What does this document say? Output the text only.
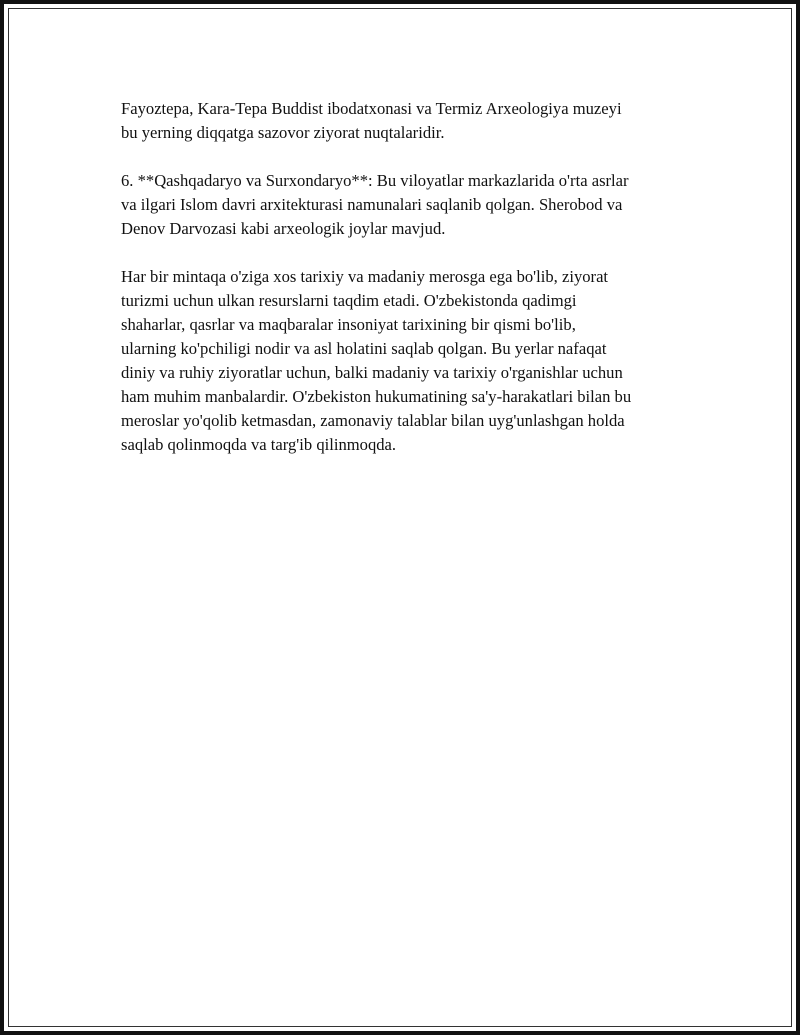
Fayoztepa, Kara-Tepa Buddist ibodatxonasi va Termiz Arxeologiya muzeyi
bu yerning diqqatga sazovor ziyorat nuqtalaridir.

6. **Qashqadaryo va Surxondaryo**: Bu viloyatlar markazlarida o'rta asrlar
va ilgari Islom davri arxitekturasi namunalari saqlanib qolgan. Sherobod va
Denov Darvozasi kabi arxeologik joylar mavjud.

Har bir mintaqa o'ziga xos tarixiy va madaniy merosga ega bo'lib, ziyorat
turizmi uchun ulkan resurslarni taqdim etadi. O'zbekistonda qadimgi
shaharlar, qasrlar va maqbaralar insoniyat tarixining bir qismi bo'lib,
ularning ko'pchiligi nodir va asl holatini saqlab qolgan. Bu yerlar nafaqat
diniy va ruhiy ziyoratlar uchun, balki madaniy va tarixiy o'rganishlar uchun
ham muhim manbalardir. O'zbekiston hukumatining sa'y-harakatlari bilan bu
meroslar yo'qolib ketmasdan, zamonaviy talablar bilan uyg'unlashgan holda
saqlab qolinmoqda va targ'ib qilinmoqda.
